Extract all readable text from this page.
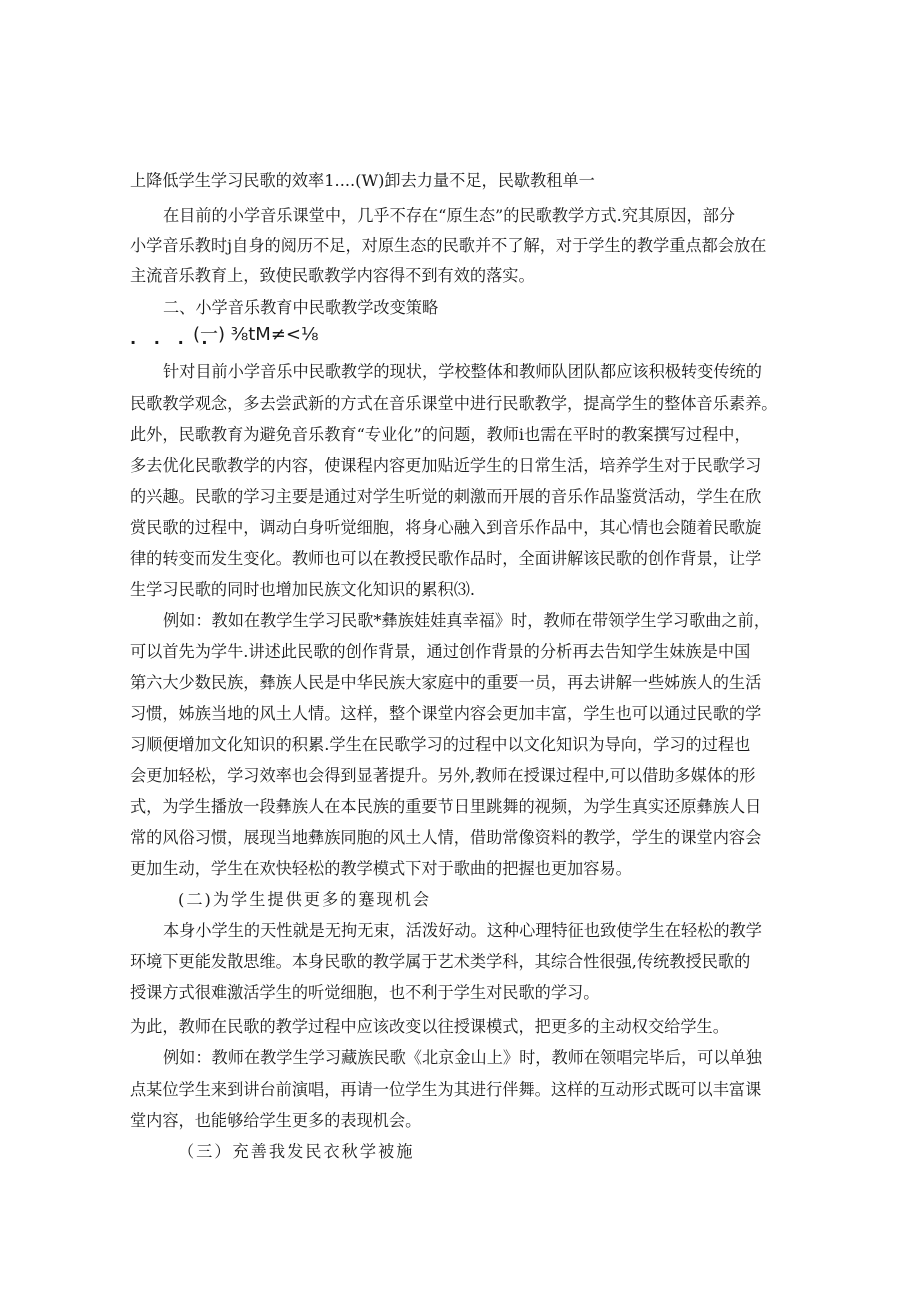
上降低学生学习民歌的效率1....(W)卸去力量不足，民歇教租单一
在目前的小学音乐课堂中，几乎不存在“原生态”的民歌教学方式.究其原因，部分
小学音乐教时j自身的阅历不足，对原生态的民歌并不了解，对于学生的教学重点都会放在
主流音乐教育上，致使民歌教学内容得不到有效的落实。
二、小学音乐教育中民歌教学改变策略
. . . .
(一) ⅜tM≠<⅛
针对目前小学音乐中民歌教学的现状，学校整体和教师队团队都应该积极转变传统的
民歌教学观念，多去尝武新的方式在音乐课堂中进行民歌教学，提高学生的整体音乐素养。
此外，民歌教育为避免音乐教育“专业化”的问题，教师i也需在平时的教案撰写过程中，
多去优化民歌教学的内容，使课程内容更加贴近学生的日常生活，培养学生对于民歌学习
的兴趣。民歌的学习主要是通过对学生听觉的刺激而开展的音乐作品鉴赏活动，学生在欣
赏民歌的过程中，调动白身听觉细胞，将身心融入到音乐作品中，其心情也会随着民歌旋
律的转变而发生变化。教师也可以在教授民歌作品时，全面讲解该民歌的创作背景，让学
生学习民歌的同时也增加民族文化知识的累积⑶.
例如：教如在教学生学习民歌*彝族娃娃真幸福》时，教师在带领学生学习歌曲之前，
可以首先为学牛.讲述此民歌的创作背景，通过创作背景的分析再去告知学生妹族是中国
第六大少数民族，彝族人民是中华民族大家庭中的重要一员，再去讲解一些姊族人的生活
习惯，姊族当地的风土人情。这样，整个课堂内容会更加丰富，学生也可以通过民歌的学
习顺便增加文化知识的积累.学生在民歌学习的过程中以文化知识为导向，学习的过程也
会更加轻松，学习效率也会得到显著提升。另外,教师在授课过程中,可以借助多媒体的形
式，为学生播放一段彝族人在本民族的重要节日里跳舞的视频，为学生真实还原彝族人日
常的风俗习惯，展现当地彝族同胞的风土人情，借助常像资料的教学，学生的课堂内容会
更加生动，学生在欢快轻松的教学模式下对于歌曲的把握也更加容易。
(二)为学生提供更多的蹇现机会
本身小学生的天性就是无拘无束，活泼好动。这种心理特征也致使学生在轻松的教学
环境下更能发散思维。本身民歌的教学属于艺术类学科，其综合性很强,传统教授民歌的
授课方式很难激活学生的听觉细胞，也不利于学生对民歌的学习。
为此，教师在民歌的教学过程中应该改变以往授课模式，把更多的主动权交给学生。
例如：教师在教学生学习藏族民歌《北京金山上》时，教师在领唱完毕后，可以单独
点某位学生来到讲台前演唱，再请一位学生为其进行伴舞。这样的互动形式既可以丰富课
堂内容，也能够给学生更多的表现机会。
（三）充善我发民衣秋学被施
